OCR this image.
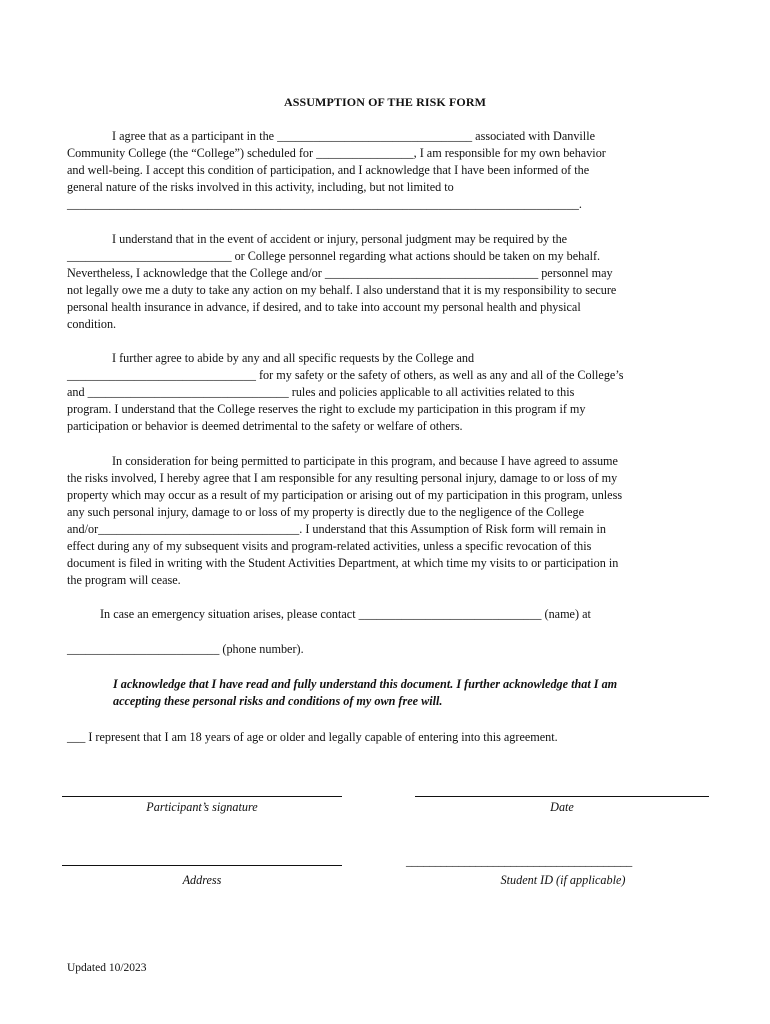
ASSUMPTION OF THE RISK FORM
I agree that as a participant in the ________________________________ associated with Danville
Community College (the “College”) scheduled for ________________, I am responsible for my own behavior
and well-being. I accept this condition of participation, and I acknowledge that I have been informed of the
general nature of the risks involved in this activity, including, but not limited to
____________________________________________________________________________________.
I understand that in the event of accident or injury, personal judgment may be required by the
___________________________ or College personnel regarding what actions should be taken on my behalf.
Nevertheless, I acknowledge that the College and/or ___________________________________ personnel may
not legally owe me a duty to take any action on my behalf. I also understand that it is my responsibility to secure
personal health insurance in advance, if desired, and to take into account my personal health and physical
condition.
I further agree to abide by any and all specific requests by the College and
_______________________________ for my safety or the safety of others, as well as any and all of the College’s
and _________________________________ rules and policies applicable to all activities related to this
program. I understand that the College reserves the right to exclude my participation in this program if my
participation or behavior is deemed detrimental to the safety or welfare of others.
In consideration for being permitted to participate in this program, and because I have agreed to assume
the risks involved, I hereby agree that I am responsible for any resulting personal injury, damage to or loss of my
property which may occur as a result of my participation or arising out of my participation in this program, unless
any such personal injury, damage to or loss of my property is directly due to the negligence of the College
and/or_________________________________. I understand that this Assumption of Risk form will remain in
effect during any of my subsequent visits and program-related activities, unless a specific revocation of this
document is filed in writing with the Student Activities Department, at which time my visits to or participation in
the program will cease.
In case an emergency situation arises, please contact ______________________________ (name) at
_________________________ (phone number).
I acknowledge that I have read and fully understand this document. I further acknowledge that I am
accepting these personal risks and conditions of my own free will.
___ I represent that I am 18 years of age or older and legally capable of entering into this agreement.
Participant’s signature	Date
Address
_______________________________________
Student ID (if applicable)
Updated 10/2023
